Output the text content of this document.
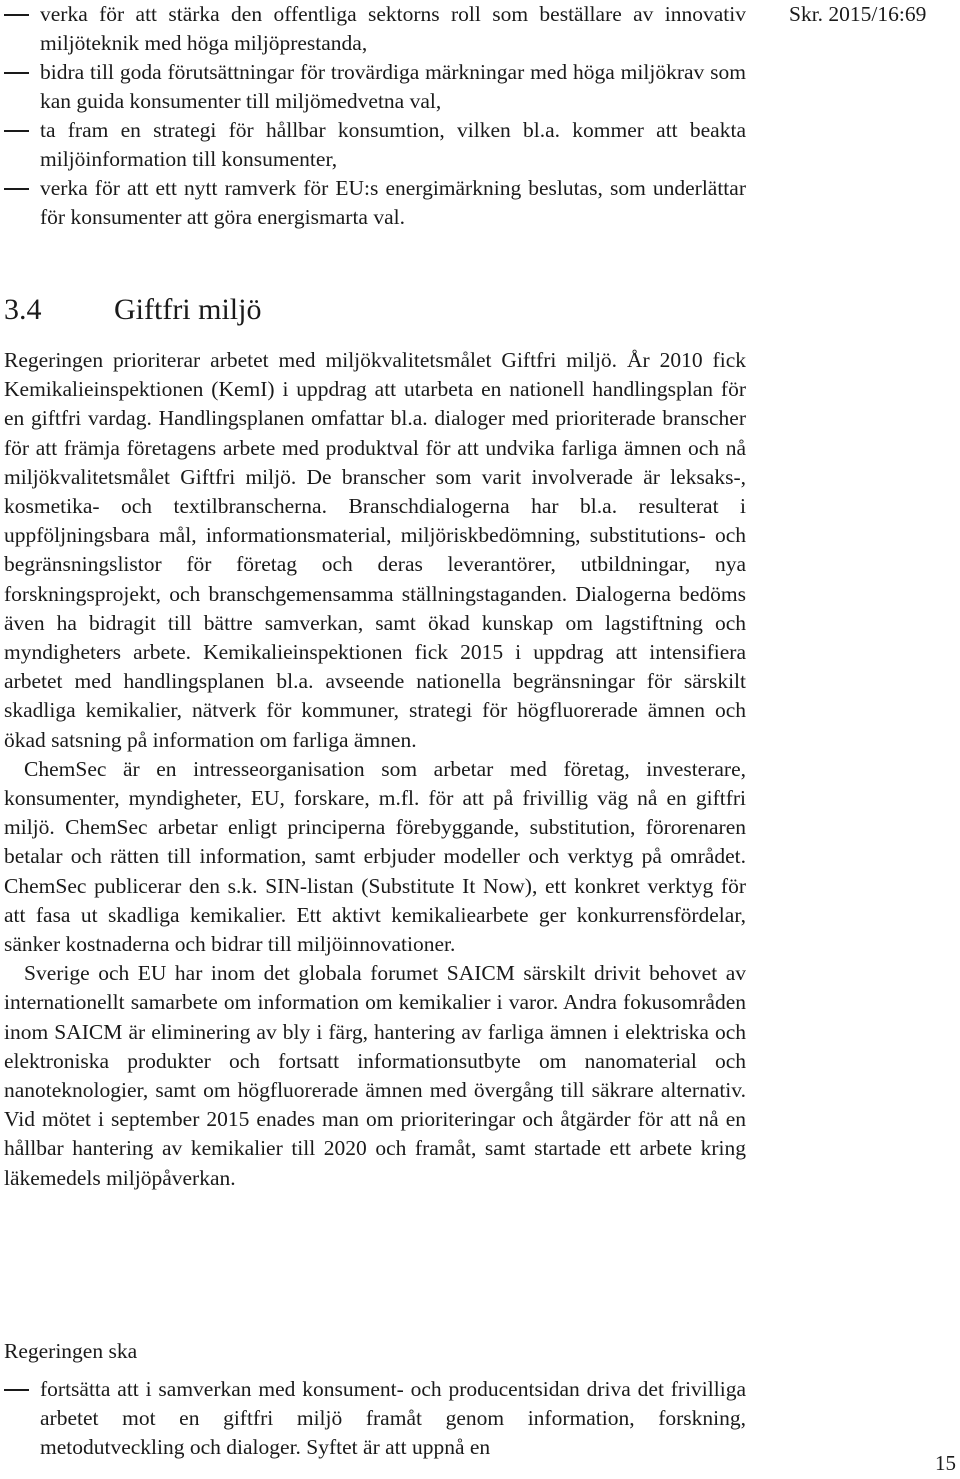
Skr. 2015/16:69
verka för att stärka den offentliga sektorns roll som beställare av innovativ miljöteknik med höga miljöprestanda,
bidra till goda förutsättningar för trovärdiga märkningar med höga miljökrav som kan guida konsumenter till miljömedvetna val,
ta fram en strategi för hållbar konsumtion, vilken bl.a. kommer att beakta miljöinformation till konsumenter,
verka för att ett nytt ramverk för EU:s energimärkning beslutas, som underlättar för konsumenter att göra energismarta val.
3.4 Giftfri miljö

Regeringen prioriterar arbetet med miljökvalitetsmålet Giftfri miljö. År 2010 fick Kemikalieinspektionen (KemI) i uppdrag att utarbeta en nationell handlingsplan för en giftfri vardag. Handlingsplanen omfattar bl.a. dialoger med prioriterade branscher för att främja företagens arbete med produktval för att undvika farliga ämnen och nå miljökvalitetsmålet Giftfri miljö. De branscher som varit involverade är leksaks-, kosmetika- och textilbranscherna. Branschdialogerna har bl.a. resulterat i uppföljningsbara mål, informationsmaterial, miljöriskbedömning, substitutions- och begränsningslistor för företag och deras leverantörer, utbildningar, nya forskningsprojekt, och branschgemensamma ställningstaganden. Dialogerna bedöms även ha bidragit till bättre samverkan, samt ökad kunskap om lagstiftning och myndigheters arbete. Kemikalieinspektionen fick 2015 i uppdrag att intensifiera arbetet med handlingsplanen bl.a. avseende nationella begränsningar för särskilt skadliga kemikalier, nätverk för kommuner, strategi för högfluorerade ämnen och ökad satsning på information om farliga ämnen.

ChemSec är en intresseorganisation som arbetar med företag, investerare, konsumenter, myndigheter, EU, forskare, m.fl. för att på frivillig väg nå en giftfri miljö. ChemSec arbetar enligt principerna förebyggande, substitution, förorenaren betalar och rätten till information, samt erbjuder modeller och verktyg på området. ChemSec publicerar den s.k. SIN-listan (Substitute It Now), ett konkret verktyg för att fasa ut skadliga kemikalier. Ett aktivt kemikaliearbete ger konkurrensfördelar, sänker kostnaderna och bidrar till miljöinnovationer.

Sverige och EU har inom det globala forumet SAICM särskilt drivit behovet av internationellt samarbete om information om kemikalier i varor. Andra fokusområden inom SAICM är eliminering av bly i färg, hantering av farliga ämnen i elektriska och elektroniska produkter och fortsatt informationsutbyte om nanomaterial och nanoteknologier, samt om högfluorerade ämnen med övergång till säkrare alternativ. Vid mötet i september 2015 enades man om prioriteringar och åtgärder för att nå en hållbar hantering av kemikalier till 2020 och framåt, samt startade ett arbete kring läkemedels miljöpåverkan.

Regeringen ska

fortsätta att i samverkan med konsument- och producentsidan driva det frivilliga arbetet mot en giftfri miljö framåt genom information, forskning, metodutveckling och dialoger. Syftet är att uppnå en
15
